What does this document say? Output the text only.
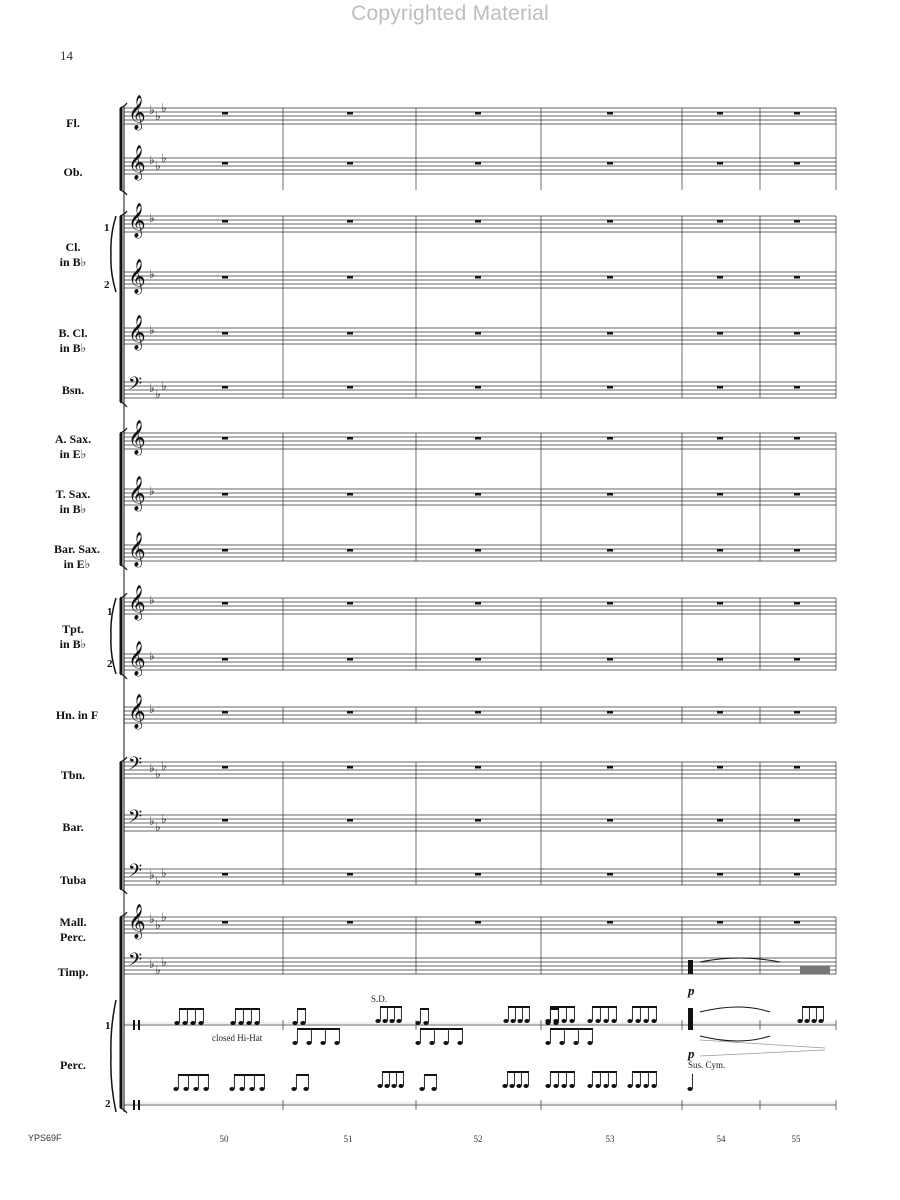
Copyrighted Material
14
𝄞 ♭ ♭
♭
𝄞 ♭ ♭
♭
𝄞 ♭
𝄞 ♭
𝄞 ♭
𝄢 ♭ ♭
♭
𝄞
𝄞 ♭
𝄞
𝄞 ♭
𝄞 ♭
𝄞 ♭
𝄢 ♭ ♭
♭
𝄢 ♭ ♭
♭
𝄢 ♭ ♭
♭
𝄞 ♭ ♭
♭
𝄢 ♭ ♭
♭
Fl.
Ob.
Cl.
in B♭
B. Cl.
in B♭
Bsn.
A. Sax.
in E♭
T. Sax.
in B♭
Bar. Sax.
in E♭
Tpt.
in B♭
Hn. in F
Tbn.
Bar.
Tuba
Mall.
Perc.
Timp.
Perc.
1
2
1
2
1
2
S.D.
closed Hi-Hat
Sus. Cym.
p
p
50	51	52	53	54	55
YPS69F
